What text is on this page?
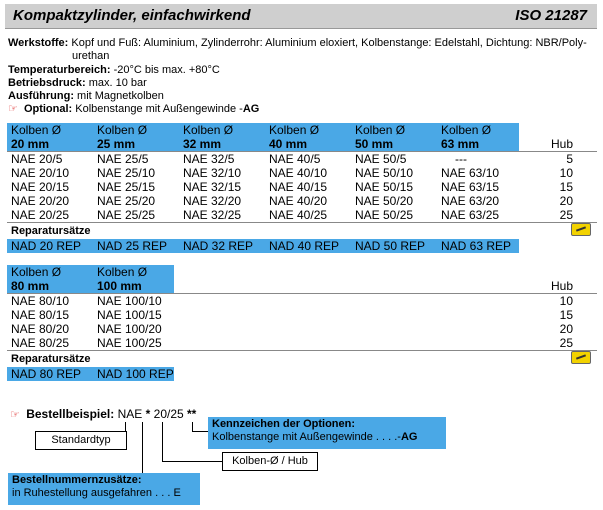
Kompaktzylinder, einfachwirkend	ISO 21287
Werkstoffe: Kopf und Fuß: Aluminium, Zylinderrohr: Aluminium eloxiert, Kolbenstange: Edelstahl, Dichtung: NBR/Poly-
urethan
Temperaturbereich: -20°C bis max. +80°C
Betriebsdruck: max. 10 bar
Ausführung: mit Magnetkolben
☞ Optional: Kolbenstange mit Außengewinde -AG
Kolben Ø	Kolben Ø	Kolben Ø	Kolben Ø	Kolben Ø	Kolben Ø	
20 mm	25 mm	32 mm	40 mm	50 mm	63 mm	Hub
NAE 20/5	NAE 25/5	NAE 32/5	NAE 40/5	NAE 50/5	---	5
NAE 20/10	NAE 25/10	NAE 32/10	NAE 40/10	NAE 50/10	NAE 63/10	10
NAE 20/15	NAE 25/15	NAE 32/15	NAE 40/15	NAE 50/15	NAE 63/15	15
NAE 20/20	NAE 25/20	NAE 32/20	NAE 40/20	NAE 50/20	NAE 63/20	20
NAE 20/25	NAE 25/25	NAE 32/25	NAE 40/25	NAE 50/25	NAE 63/25	25
Reparatursätze						
NAD 20 REP	NAD 25 REP	NAD 32 REP	NAD 40 REP	NAD 50 REP	NAD 63 REP	
Kolben Ø	Kolben Ø	
80 mm	100 mm	Hub
NAE 80/10	NAE 100/10	10
NAE 80/15	NAE 100/15	15
NAE 80/20	NAE 100/20	20
NAE 80/25	NAE 100/25	25
Reparatursätze		
NAD 80 REP	NAD 100 REP	
☞ Bestellbeispiel: NAE * 20/25 **
Standardtyp
Kolben-Ø / Hub
Kennzeichen der Optionen:
Kolbenstange mit Außengewinde . . . .-AG
Bestellnummernzusätze:
in Ruhestellung ausgefahren . . . E
